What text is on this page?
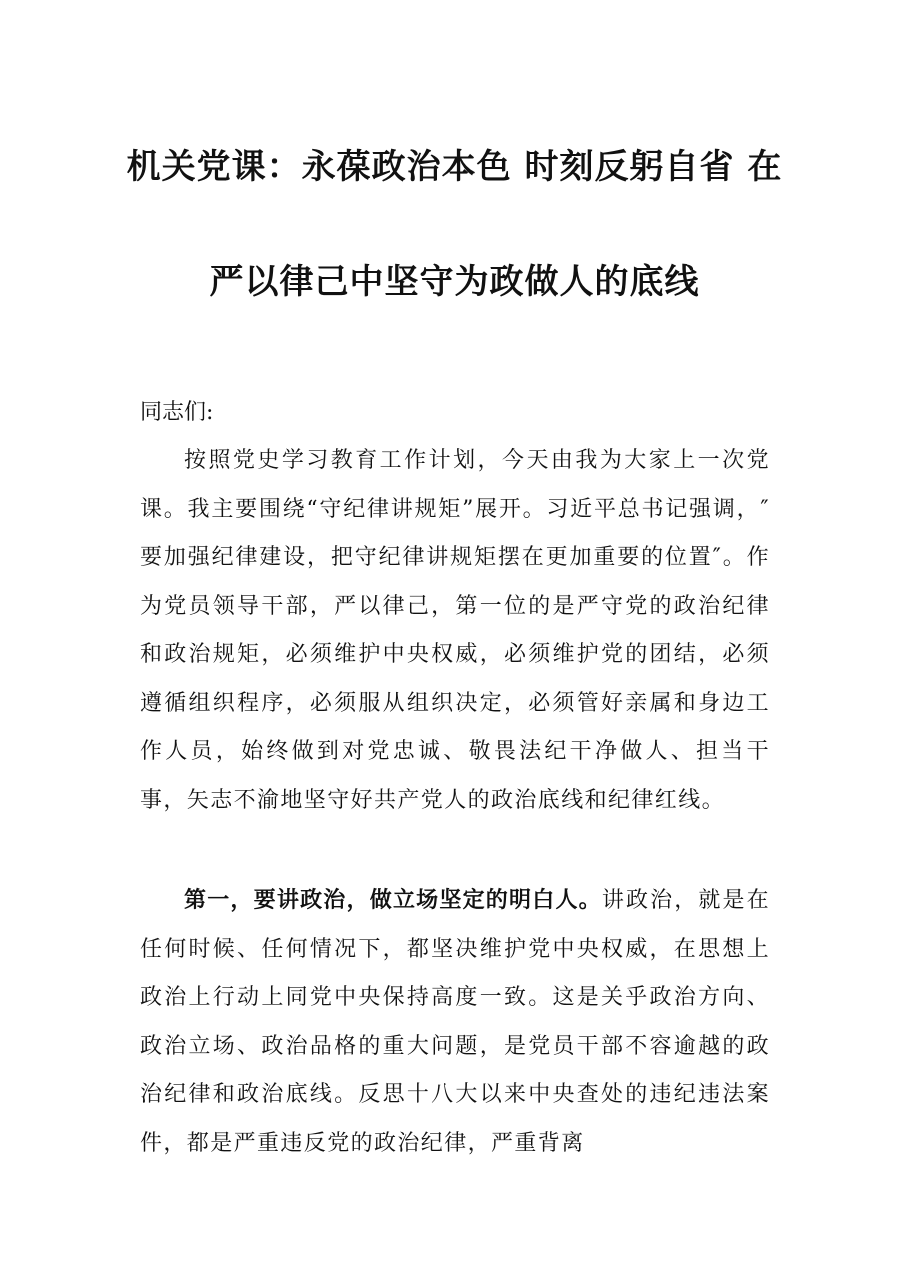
机关党课：永葆政治本色 时刻反躬自省 在
严以律己中坚守为政做人的底线
同志们:

按照党史学习教育工作计划，今天由我为大家上一次党课。我主要围绕“守纪律讲规矩”展开。习近平总书记强调，″要加强纪律建设，把守纪律讲规矩摆在更加重要的位置″。作为党员领导干部，严以律己，第一位的是严守党的政治纪律和政治规矩，必须维护中央权威，必须维护党的团结，必须遵循组织程序，必须服从组织决定，必须管好亲属和身边工作人员，始终做到对党忠诚、敬畏法纪干净做人、担当干事，矢志不渝地坚守好共产党人的政治底线和纪律红线。

第一，要讲政治，做立场坚定的明白人。讲政治，就是在任何时候、任何情况下，都坚决维护党中央权威，在思想上政治上行动上同党中央保持高度一致。这是关乎政治方向、政治立场、政治品格的重大问题，是党员干部不容逾越的政治纪律和政治底线。反思十八大以来中央查处的违纪违法案件，都是严重违反党的政治纪律，严重背离
